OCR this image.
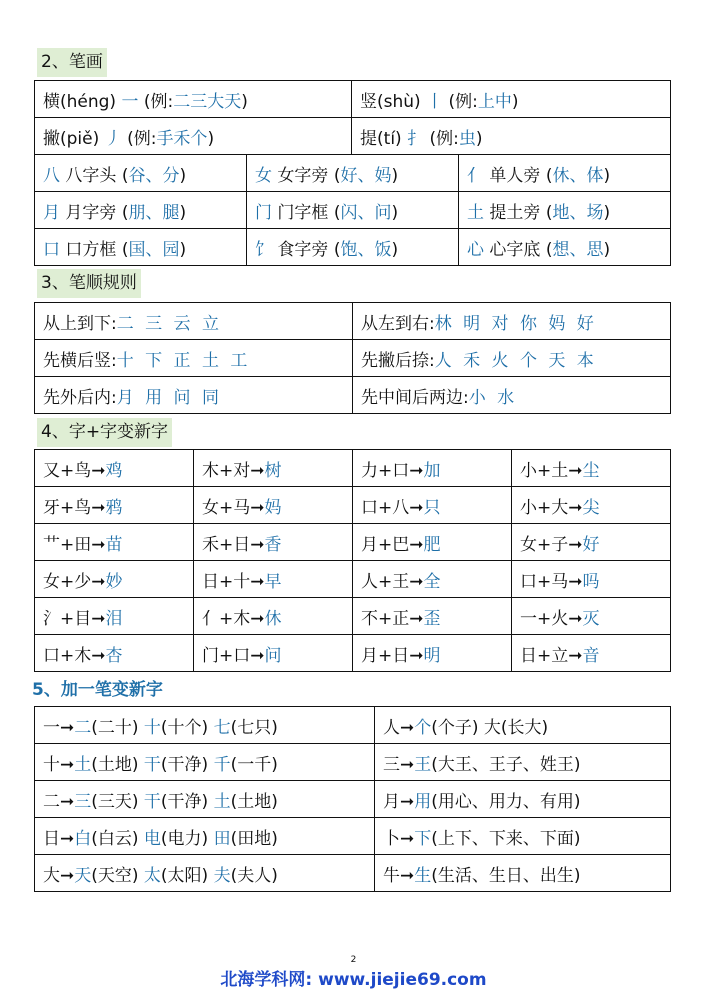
2、笔画
横(héng) 一 (例:二三大天)	竖(shù) 丨 (例:上中)
撇(piě) 丿 (例:手禾个)	提(tí) 扌 (例:虫)
八 八字头 (谷、分)	女 女字旁 (好、妈)	亻 单人旁 (休、体)
月 月字旁 (朋、腿)	门 门字框 (闪、问)	土 提土旁 (地、场)
口 口方框 (国、园)	饣 食字旁 (饱、饭)	心 心字底 (想、思)
3、笔顺规则
从上到下:二 三 云 立	从左到右:林 明 对 你 妈 好
先横后竖:十 下 正 土 工	先撇后捺:人 禾 火 个 天 本
先外后内:月 用 问 同	先中间后两边:小 水
4、字+字变新字
又+鸟➞鸡	木+对➞树	力+口➞加	小+土➞尘
牙+鸟➞鸦	女+马➞妈	口+八➞只	小+大➞尖
艹+田➞苗	禾+日➞香	月+巴➞肥	女+子➞好
女+少➞妙	日+十➞早	人+王➞全	口+马➞吗
氵+目➞泪	亻+木➞休	不+正➞歪	一+火➞灭
口+木➞杏	门+口➞问	月+日➞明	日+立➞音
5、加一笔变新字
一➞二(二十) 十(十个) 七(七只)	人➞个(个子) 大(长大)
十➞土(土地) 干(干净) 千(一千)	三➞王(大王、王子、姓王)
二➞三(三天) 干(干净) 土(土地)	月➞用(用心、用力、有用)
日➞白(白云) 电(电力) 田(田地)	卜➞下(上下、下来、下面)
大➞天(天空) 太(太阳) 夫(夫人)	牛➞生(生活、生日、出生)
2
北海学科网: www.jiejie69.com
